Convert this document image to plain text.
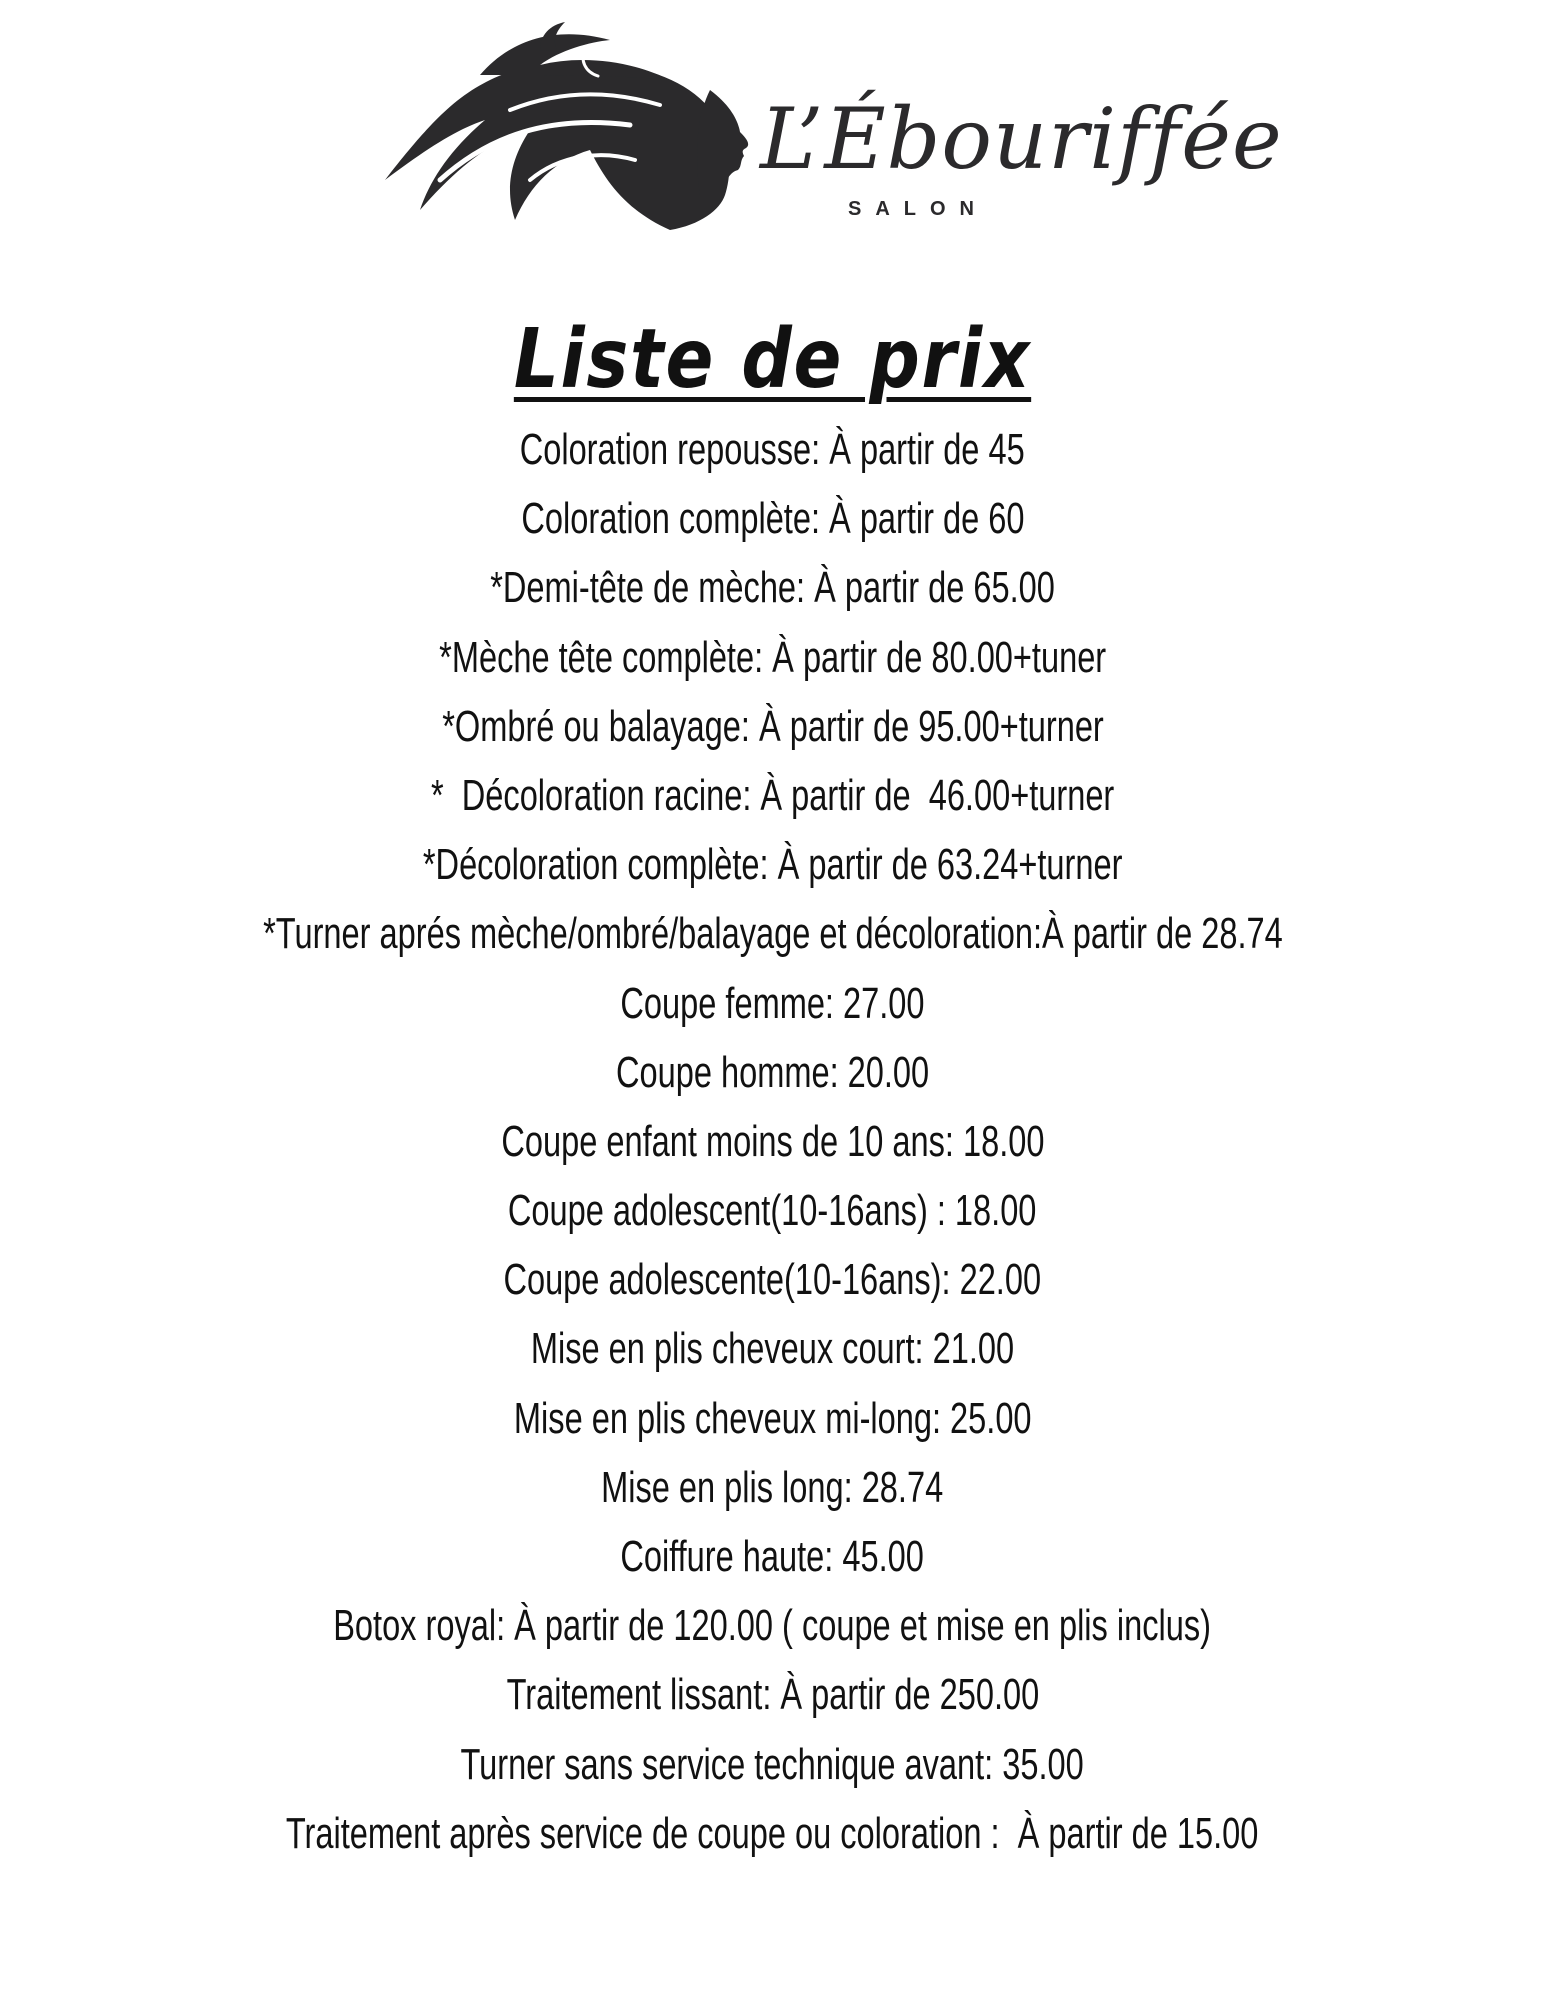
L’Ébouriffée
SALON
Liste de prix
Coloration repousse: À partir de 45
Coloration complète: À partir de 60
*Demi-tête de mèche: À partir de 65.00
*Mèche tête complète: À partir de 80.00+tuner
*Ombré ou balayage: À partir de 95.00+turner
*  Décoloration racine: À partir de  46.00+turner
*Décoloration complète: À partir de 63.24+turner
*Turner aprés mèche/ombré/balayage et décoloration:À partir de 28.74
Coupe femme: 27.00
Coupe homme: 20.00
Coupe enfant moins de 10 ans: 18.00
Coupe adolescent(10-16ans) : 18.00
Coupe adolescente(10-16ans): 22.00
Mise en plis cheveux court: 21.00
Mise en plis cheveux mi-long: 25.00
Mise en plis long: 28.74
Coiffure haute: 45.00
Botox royal: À partir de 120.00 ( coupe et mise en plis inclus)
Traitement lissant: À partir de 250.00
Turner sans service technique avant: 35.00
Traitement après service de coupe ou coloration :  À partir de 15.00
